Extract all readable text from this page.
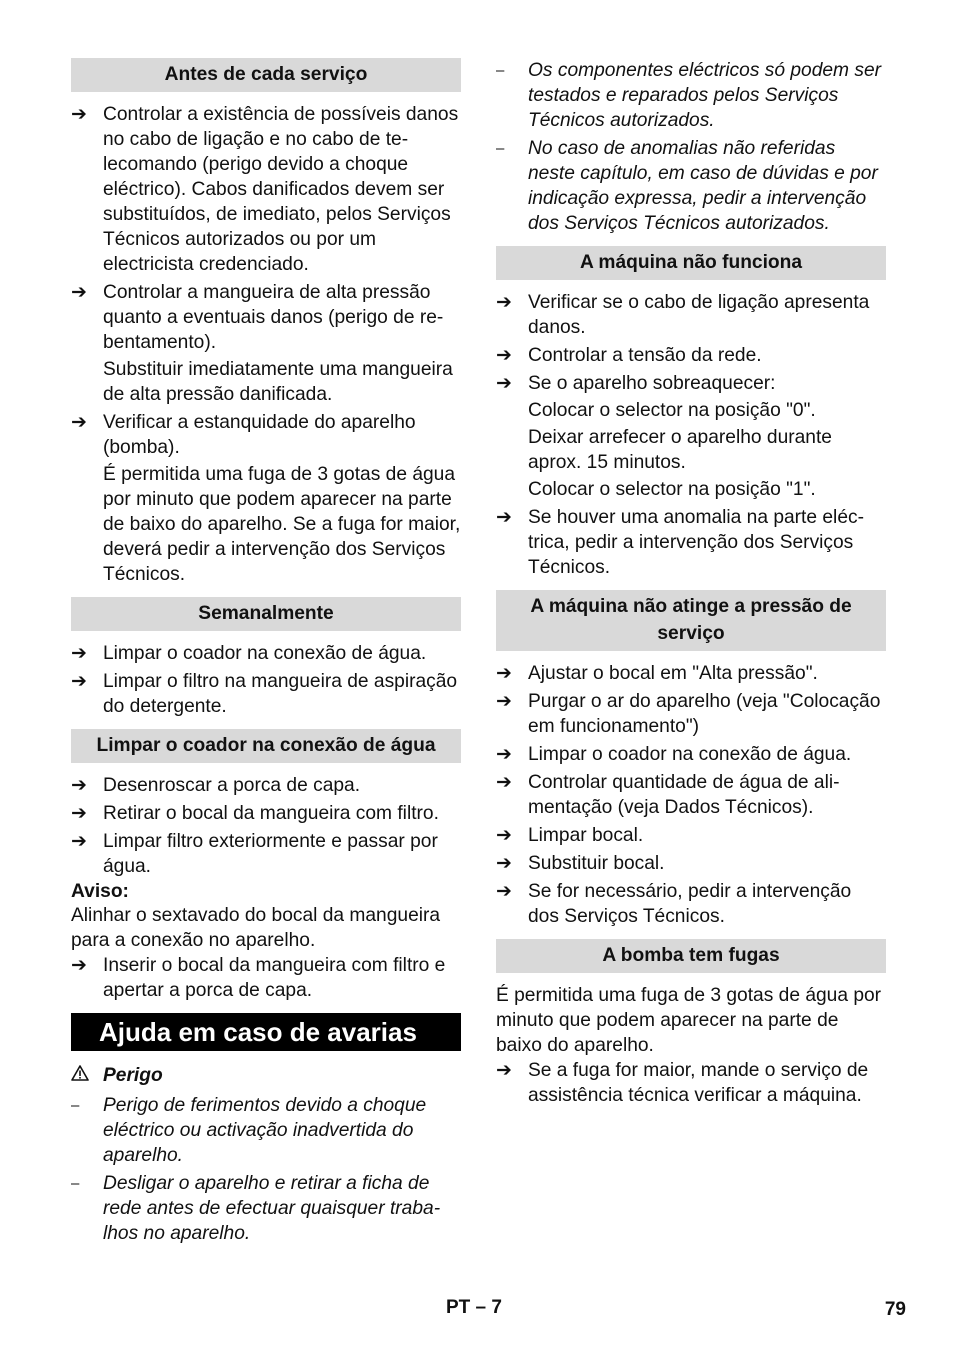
Antes de cada serviço
➔ Controlar a existência de possíveis danos no cabo de ligação e no cabo de telecomando (perigo devido a choque eléctrico). Cabos danificados devem ser substituídos, de imediato, pelos Serviços Técnicos autorizados ou por um electricista credenciado.
➔ Controlar a mangueira de alta pressão quanto a eventuais danos (perigo de rebentamento).
Substituir imediatamente uma mangueira de alta pressão danificada.
➔ Verificar a estanquidade do aparelho (bomba).
É permitida uma fuga de 3 gotas de água por minuto que podem aparecer na parte de baixo do aparelho. Se a fuga for maior, deverá pedir a intervenção dos Serviços Técnicos.
Semanalmente
➔ Limpar o coador na conexão de água.
➔ Limpar o filtro na mangueira de aspiração do detergente.
Limpar o coador na conexão de água
➔ Desenroscar a porca de capa.
➔ Retirar o bocal da mangueira com filtro.
➔ Limpar filtro exteriormente e passar por água.
Aviso:
Alinhar o sextavado do bocal da mangueira para a conexão no aparelho.
➔ Inserir o bocal da mangueira com filtro e apertar a porca de capa.
Ajuda em caso de avarias
Perigo
–	Perigo de ferimentos devido a choque eléctrico ou activação inadvertida do aparelho.
–	Desligar o aparelho e retirar a ficha de rede antes de efectuar quaisquer trabalhos no aparelho.
–	Os componentes eléctricos só podem ser testados e reparados pelos Serviços Técnicos autorizados.
–	No caso de anomalias não referidas neste capítulo, em caso de dúvidas e por indicação expressa, pedir a intervenção dos Serviços Técnicos autorizados.
A máquina não funciona
➔ Verificar se o cabo de ligação apresenta danos.
➔ Controlar a tensão da rede.
➔ Se o aparelho sobreaquecer:
Colocar o selector na posição "0".
Deixar arrefecer o aparelho durante aprox. 15 minutos.
Colocar o selector na posição "1".
➔ Se houver uma anomalia na parte eléctrica, pedir a intervenção dos Serviços Técnicos.
A máquina não atinge a pressão de serviço
➔ Ajustar o bocal em "Alta pressão".
➔ Purgar o ar do aparelho (veja "Colocação em funcionamento")
➔ Limpar o coador na conexão de água.
➔ Controlar quantidade de água de alimentação (veja Dados Técnicos).
➔ Limpar bocal.
➔ Substituir bocal.
➔ Se for necessário, pedir a intervenção dos Serviços Técnicos.
A bomba tem fugas
É permitida uma fuga de 3 gotas de água por minuto que podem aparecer na parte de baixo do aparelho.
➔ Se a fuga for maior, mande o serviço de assistência técnica verificar a máquina.
PT – 7	79
